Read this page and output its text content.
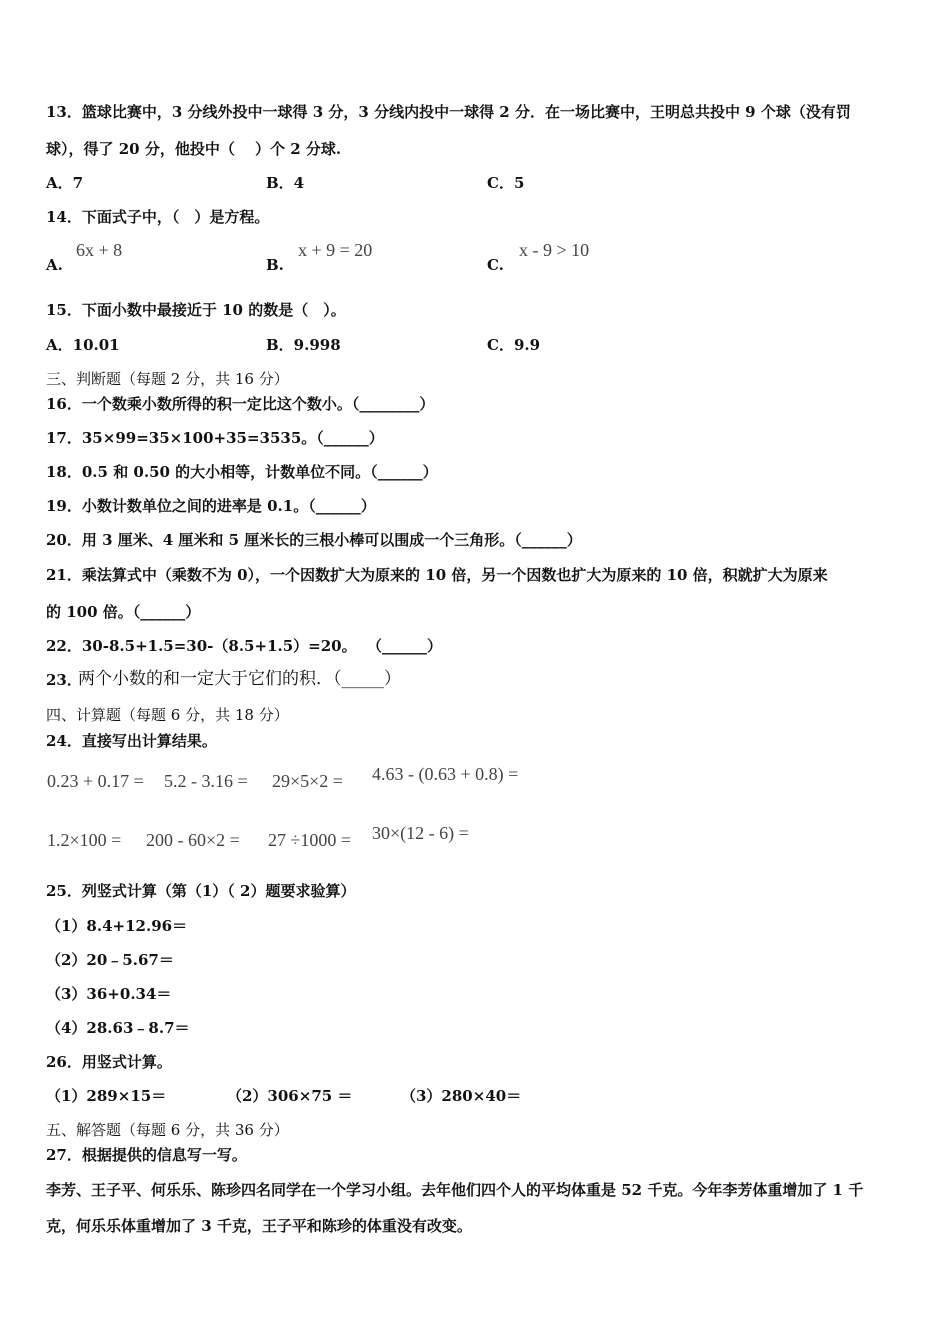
13．篮球比赛中，3 分线外投中一球得 3 分，3 分线内投中一球得 2 分．在一场比赛中，王明总共投中 9 个球（没有罚
球），得了 20 分，他投中（　 ）个 2 分球.
A．7	B．4	C．5
14．下面式子中，（　）是方程。
A.
6x + 8
B.
x + 9 = 20
C.
x - 9 > 10
15．下面小数中最接近于 10 的数是（　）。
A．10.01	B．9.998	C．9.9
三、判断题（每题 2 分，共 16 分）
16．一个数乘小数所得的积一定比这个数小。（________）
17．35×99=35×100+35=3535。（______）
18．0.5 和 0.50 的大小相等，计数单位不同。（______）
19．小数计数单位之间的进率是 0.1。（______）
20．用 3 厘米、4 厘米和 5 厘米长的三根小棒可以围成一个三角形。（______）
21．乘法算式中（乘数不为 0），一个因数扩大为原来的 10 倍，另一个因数也扩大为原来的 10 倍，积就扩大为原来
的 100 倍。（______）
22．30-8.5+1.5=30-（8.5+1.5）=20。 （______）
23．
两个小数的和一定大于它们的积．（_____）
四、计算题（每题 6 分，共 18 分）
24．直接写出计算结果。
0.23 + 0.17 = 5.2 - 3.16 = 29×5×2 = 4.63 - (0.63 + 0.8) =
1.2×100 = 200 - 60×2 = 27 ÷1000 = 30×(12 - 6) =
25．列竖式计算（第（1）（ 2）题要求验算）
（1）8.4+12.96＝
（2）20﹣5.67＝
（3）36+0.34＝
（4）28.63﹣8.7＝
26．用竖式计算。
（1）289×15＝	（2）306×75 ＝	（3）280×40＝
五、解答题（每题 6 分，共 36 分）
27．根据提供的信息写一写。
李芳、王子平、何乐乐、陈珍四名同学在一个学习小组。去年他们四个人的平均体重是 52 千克。今年李芳体重增加了 1 千
克，何乐乐体重增加了 3 千克，王子平和陈珍的体重没有改变。
